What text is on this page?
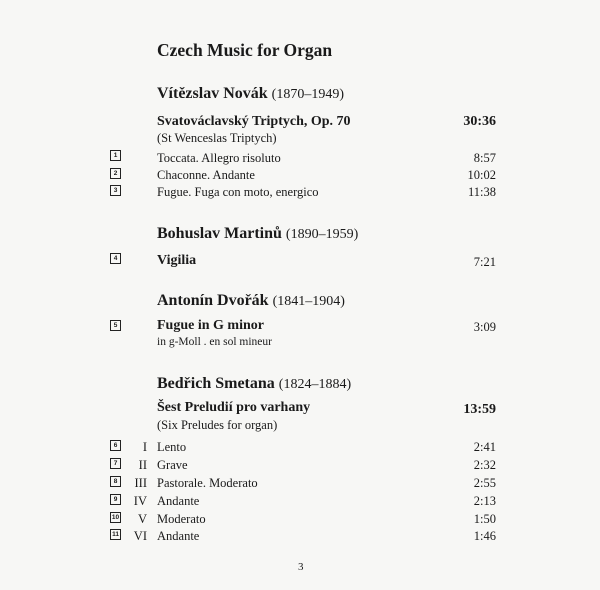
Czech Music for Organ
Vítězslav Novák (1870–1949)
Svatováclavský Triptych, Op. 70	30:36
(St Wenceslas Triptych)
1	Toccata. Allegro risoluto	8:57
2	Chaconne. Andante	10:02
3	Fugue. Fuga con moto, energico	11:38
Bohuslav Martinů (1890–1959)
4	Vigilia	7:21
Antonín Dvořák (1841–1904)
5	Fugue in G minor	3:09
in g-Moll . en sol mineur
Bedřich Smetana (1824–1884)
Šest Preludií pro varhany	13:59
(Six Preludes for organ)
6	I Lento	2:41
7	II Grave	2:32
8	III Pastorale. Moderato	2:55
9	IV Andante	2:13
10	V Moderato	1:50
11	VI Andante	1:46
3
